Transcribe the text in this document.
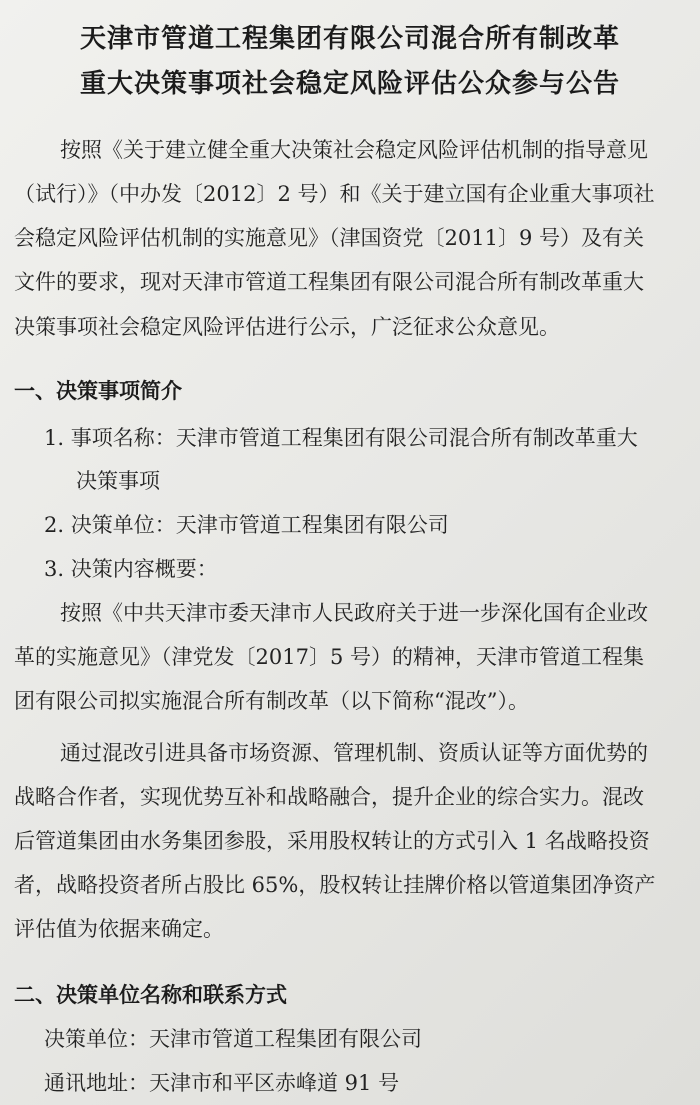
天津市管道工程集团有限公司混合所有制改革
重大决策事项社会稳定风险评估公众参与公告
按照《关于建立健全重大决策社会稳定风险评估机制的指导意见
（试行）》（中办发〔2012〕2 号）和《关于建立国有企业重大事项社
会稳定风险评估机制的实施意见》（津国资党〔2011〕9 号）及有关
文件的要求，现对天津市管道工程集团有限公司混合所有制改革重大
决策事项社会稳定风险评估进行公示，广泛征求公众意见。
一、决策事项简介
1. 事项名称：天津市管道工程集团有限公司混合所有制改革重大
决策事项
2. 决策单位：天津市管道工程集团有限公司
3. 决策内容概要：
按照《中共天津市委天津市人民政府关于进一步深化国有企业改
革的实施意见》（津党发〔2017〕5 号）的精神，天津市管道工程集
团有限公司拟实施混合所有制改革（以下简称“混改”）。
通过混改引进具备市场资源、管理机制、资质认证等方面优势的
战略合作者，实现优势互补和战略融合，提升企业的综合实力。混改
后管道集团由水务集团参股，采用股权转让的方式引入 1 名战略投资
者，战略投资者所占股比 65%，股权转让挂牌价格以管道集团净资产
评估值为依据来确定。
二、决策单位名称和联系方式
决策单位：天津市管道工程集团有限公司
通讯地址：天津市和平区赤峰道 91 号
